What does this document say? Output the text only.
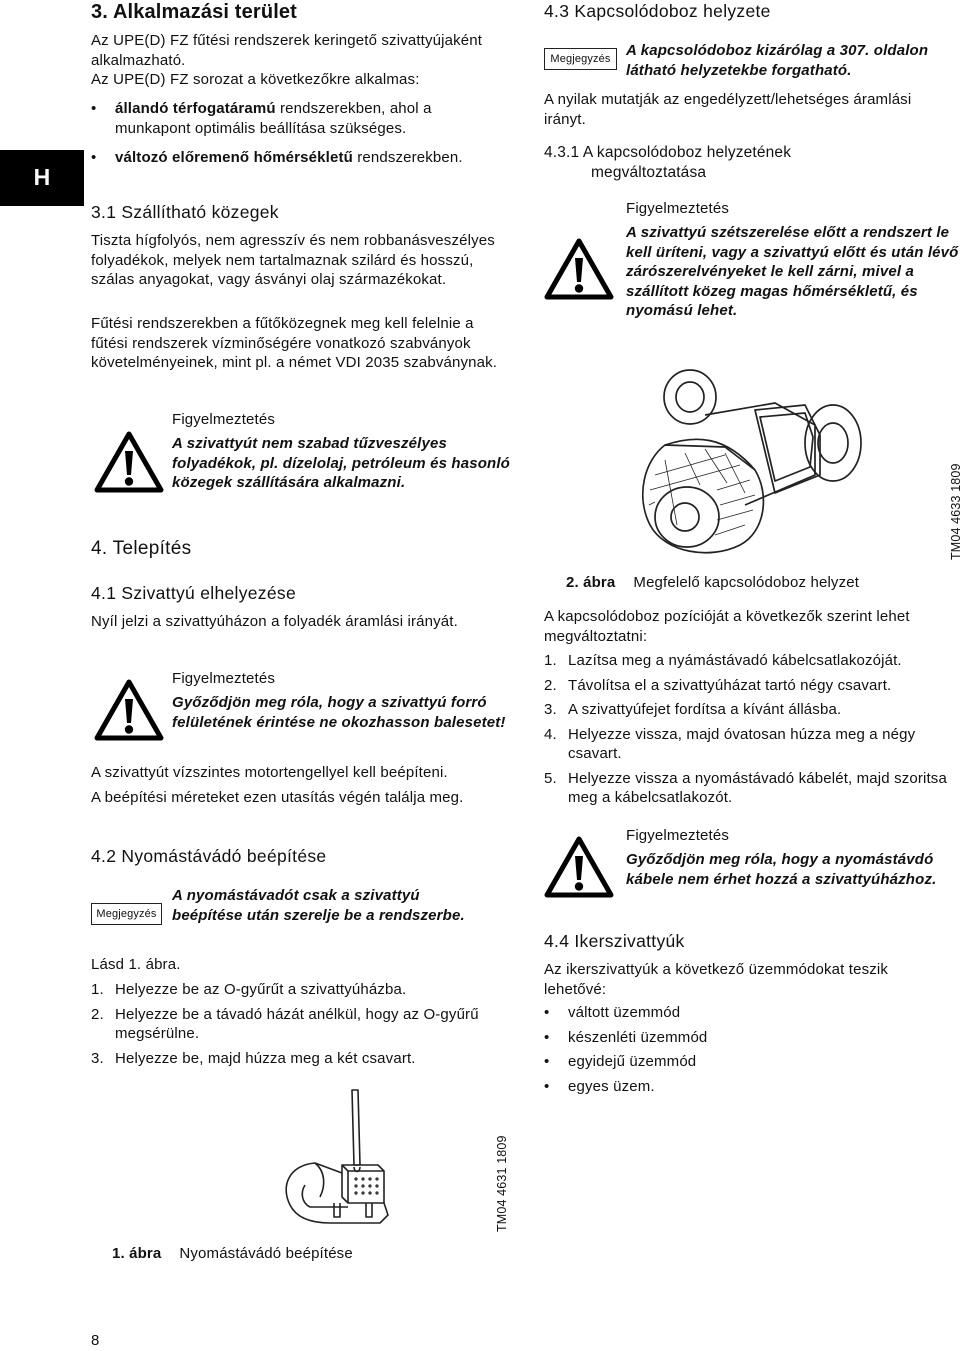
H
3. Alkalmazási terület
Az UPE(D) FZ fűtési rendszerek keringető szivattyújaként alkalmazható.
Az UPE(D) FZ sorozat a következőkre alkalmas:
• állandó térfogatáramú rendszerekben, ahol a munkapont optimális beállítása szükséges.
• változó előremenő hőmérsékletű rendszerekben.
3.1 Szállítható közegek
Tiszta hígfolyós, nem agresszív és nem robbanásveszélyes folyadékok, melyek nem tartalmaznak szilárd és hosszú, szálas anyagokat, vagy ásványi olaj származékokat.
Fűtési rendszerekben a fűtőközegnek meg kell felelnie a fűtési rendszerek vízminőségére vonatkozó szabványok követelményeinek, mint pl. a német VDI 2035 szabványnak.
Figyelmeztetés
A szivattyút nem szabad tűzveszélyes folyadékok, pl. dízelolaj, petróleum és hasonló közegek szállítására alkalmazni.
4. Telepítés
4.1 Szivattyú elhelyezése
Nyíl jelzi a szivattyúházon a folyadék áramlási irányát.
Figyelmeztetés
Győződjön meg róla, hogy a szivattyú forró felületének érintése ne okozhasson balesetet!
A szivattyút vízszintes motortengellyel kell beépíteni.
A beépítési méreteket ezen utasítás végén találja meg.
4.2 Nyomástávádó beépítése
Megjegyzés
A nyomástávadót csak a szivattyú beépítése után szerelje be a rendszerbe.
Lásd 1. ábra.
1. Helyezze be az O-gyűrűt a szivattyúházba.
2. Helyezze be a távadó házát anélkül, hogy az O-gyűrű megsérülne.
3. Helyezze be, majd húzza meg a két csavart.
1. ábra Nyomástávádó beépítése
TM04 4631 1809
4.3 Kapcsolódoboz helyzete
Megjegyzés	A kapcsolódoboz kizárólag a 307. oldalon látható helyzetekbe forgatható.
A nyilak mutatják az engedélyzett/lehetséges áramlási irányt.
4.3.1 A kapcsolódoboz helyzetének megváltoztatása
Figyelmeztetés
A szivattyú szétszerelése előtt a rendszert le kell üríteni, vagy a szivattyú előtt és után lévő zárószerelvényeket le kell zárni, mivel a szállított közeg magas hőmérsékletű, és nyomású lehet.
TM04 4633 1809
2. ábra Megfelelő kapcsolódoboz helyzet
A kapcsolódoboz pozícióját a következők szerint lehet megváltoztatni:
1. Lazítsa meg a nyámástávadó kábelcsatlakozóját.
2. Távolítsa el a szivattyúházat tartó négy csavart.
3. A szivattyúfejet fordítsa a kívánt állásba.
4. Helyezze vissza, majd óvatosan húzza meg a négy csavart.
5. Helyezze vissza a nyomástávadó kábelét, majd szoritsa meg a kábelcsatlakozót.
Figyelmeztetés
Győződjön meg róla, hogy a nyomástávdó kábele nem érhet hozzá a szivattyúházhoz.
4.4 Ikerszivattyúk
Az ikerszivattyúk a következő üzemmódokat teszik lehetővé:
• váltott üzemmód
• készenléti üzemmód
• egyidejű üzemmód
• egyes üzem.
8
